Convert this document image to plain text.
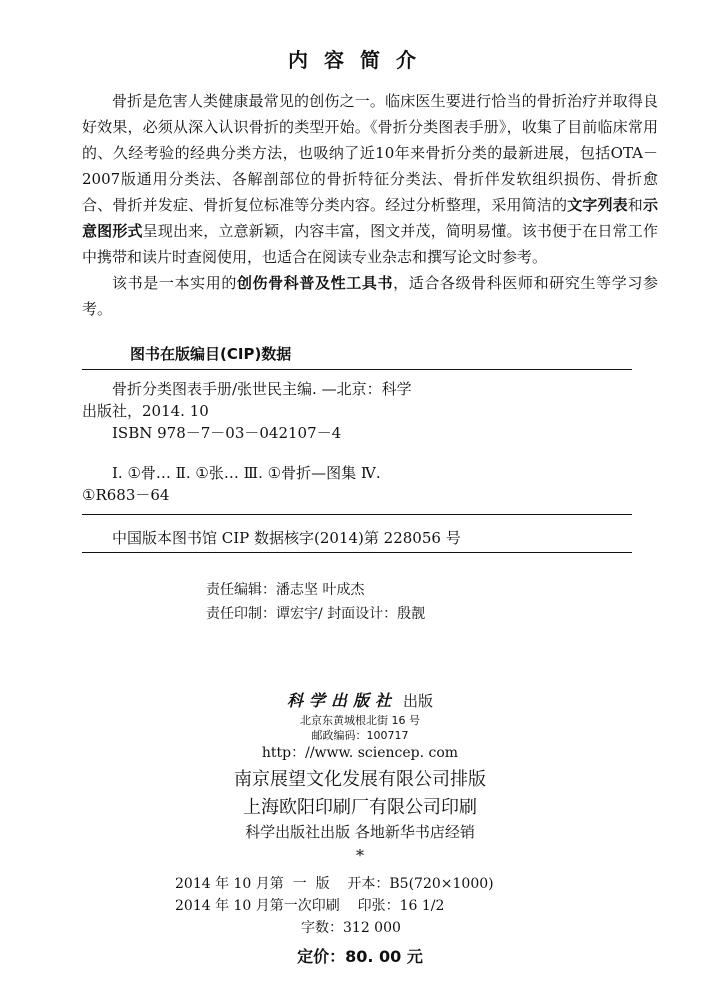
内容简介

骨折是危害人类健康最常见的创伤之一。临床医生要进行恰当的骨折治疗并取得良好效果，必须从深入认识骨折的类型开始。《骨折分类图表手册》，收集了目前临床常用的、久经考验的经典分类方法，也吸纳了近10年来骨折分类的最新进展，包括OTA－2007版通用分类法、各解剖部位的骨折特征分类法、骨折伴发软组织损伤、骨折愈合、骨折并发症、骨折复位标准等分类内容。经过分析整理，采用简洁的文字列表和示意图形式呈现出来，立意新颖，内容丰富，图文并茂，简明易懂。该书便于在日常工作中携带和读片时查阅使用，也适合在阅读专业杂志和撰写论文时参考。

该书是一本实用的创伤骨科普及性工具书，适合各级骨科医师和研究生等学习参考。

图书在版编目(CIP)数据
骨折分类图表手册/张世民主编. —北京：科学
出版社，2014. 10
ISBN 978－7－03－042107－4
Ⅰ. ①骨… Ⅱ. ①张… Ⅲ. ①骨折—图集 Ⅳ.
①R683－64
中国版本图书馆 CIP 数据核字(2014)第 228056 号
责任编辑：潘志坚 叶成杰
责任印制：谭宏宇/ 封面设计：殷靓
科学出版社 出版
北京东黄城根北街 16 号
邮政编码：100717
http：//www. sciencep. com
南京展望文化发展有限公司排版
上海欧阳印刷厂有限公司印刷
科学出版社出版 各地新华书店经销
*
2014 年 10 月第  一  版    开本：B5(720×1000)
2014 年 10 月第一次印刷    印张：16 1/2
字数：312 000
定价：80. 00 元
